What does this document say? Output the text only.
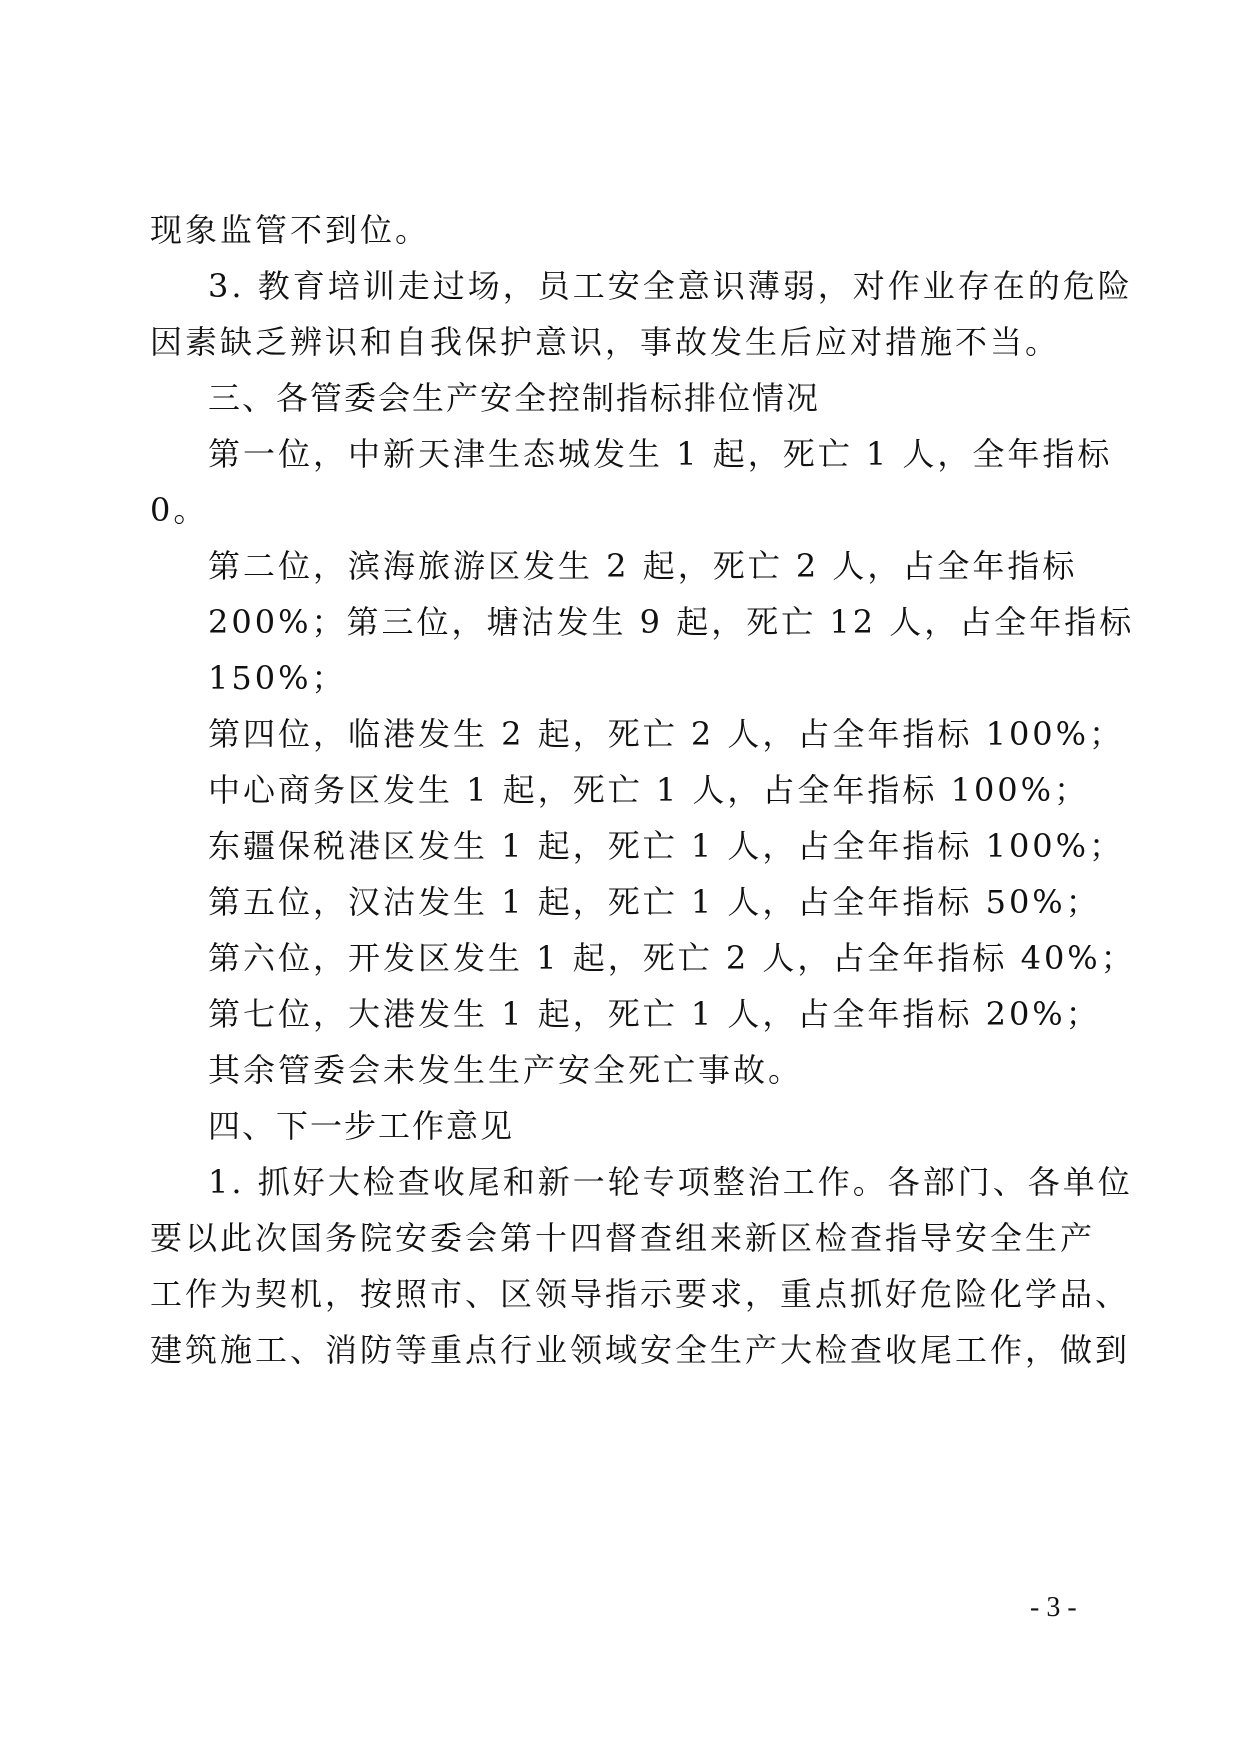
现象监管不到位。
3. 教育培训走过场，员工安全意识薄弱，对作业存在的危险
因素缺乏辨识和自我保护意识，事故发生后应对措施不当。
三、各管委会生产安全控制指标排位情况
第一位，中新天津生态城发生 1 起，死亡 1 人，全年指标
0。
第二位，滨海旅游区发生 2 起，死亡 2 人，占全年指标
200%；第三位，塘沽发生 9 起，死亡 12 人，占全年指标
150%；
第四位，临港发生 2 起，死亡 2 人，占全年指标 100%；
中心商务区发生 1 起，死亡 1 人，占全年指标 100%；
东疆保税港区发生 1 起，死亡 1 人，占全年指标 100%；
第五位，汉沽发生 1 起，死亡 1 人，占全年指标 50%；
第六位，开发区发生 1 起，死亡 2 人，占全年指标 40%；
第七位，大港发生 1 起，死亡 1 人，占全年指标 20%；
其余管委会未发生生产安全死亡事故。
四、下一步工作意见
1. 抓好大检查收尾和新一轮专项整治工作。各部门、各单位
要以此次国务院安委会第十四督查组来新区检查指导安全生产
工作为契机，按照市、区领导指示要求，重点抓好危险化学品、
建筑施工、消防等重点行业领域安全生产大检查收尾工作，做到
- 3 -
